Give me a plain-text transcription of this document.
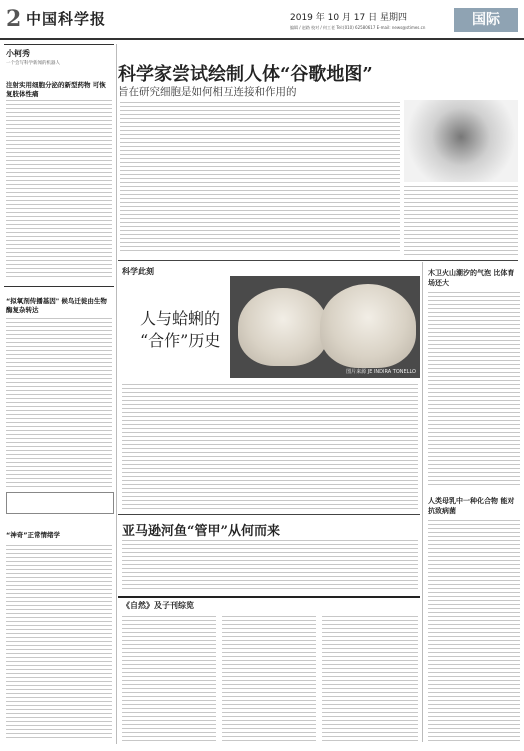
2 中国科学报	2019 年 10 月 17 日 星期四
编辑 / 赵路 校对 / 何工老 Tel:(010) 62580617 E-mail: news@stimes.cn	国际
小柯秀
一个会写科学新闻的机器人
注射实用细胞分泌的新型药物 可恢复肢体性痛
“拟氧剂传播基因" 候鸟迁徙由生物酶复杂转达
“神奇”正常情绪学
科学家尝试绘制人体“谷歌地图”
旨在研究细胞是如何相互连接和作用的
科学此刻
人与蛤蜊的
“合作”历史
图片来源 JE INDIRA TONELLO
木卫火山潮汐的气泡 比体育场还大
人类母乳中一种化合物 能对抗致病菌
亚马逊河鱼“管甲”从何而来
《自然》及子刊综览
